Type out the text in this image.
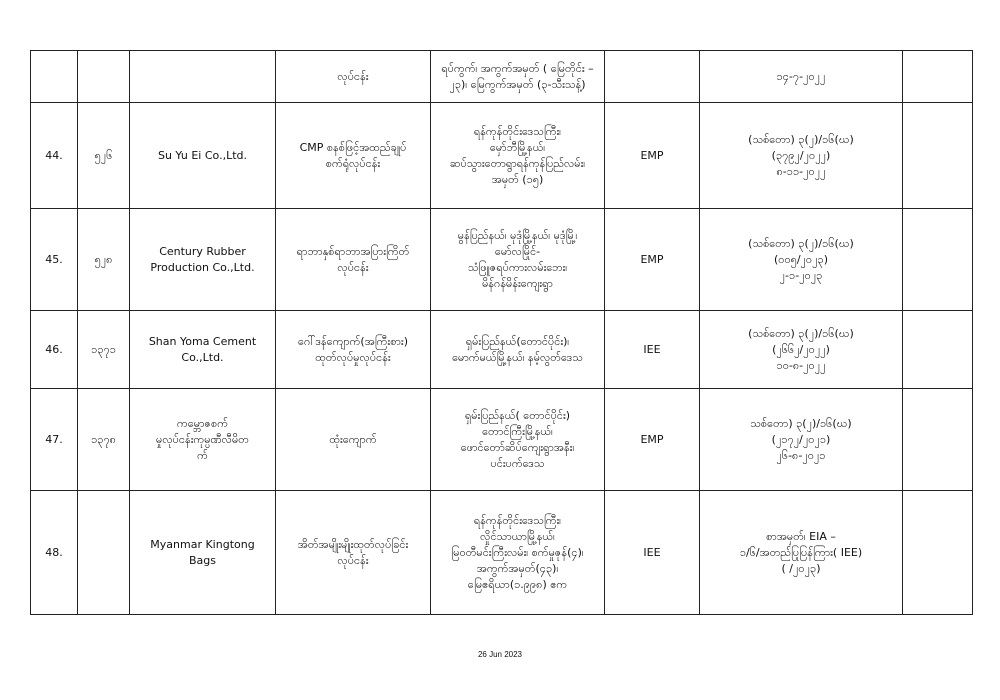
			လုပ်ငန်း	ရပ်ကွက်၊ အကွက်အမှတ် ( မြေတိုင်း –
၂၃)၊ မြေကွက်အမှတ် (၃-သီးသန့်)		၁၄-၇-၂၀၂၂	
44.	၅၂၆	Su Yu Ei Co.,Ltd.	CMP စနစ်ဖြင့်အထည်ချုပ်
စက်ရုံလုပ်ငန်း	ရန်ကုန်တိုင်းဒေသကြီး၊
မှော်ဘီမြို့နယ်၊
ဆပ်သွားတောရွာရန်ကုန်ပြည်လမ်း၊
အမှတ် (၁၅)	EMP	(သစ်တော) ၃(၂)/၁၆(ဃ)
(၃၇၉၂/၂၀၂၂)
၈-၁၁-၂၀၂၂	
45.	၅၂၈	Century Rubber
Production Co.,Ltd.	ရာဘာနှစ်ရာဘာအပြားကြိတ်
လုပ်ငန်း	မွန်ပြည်နယ်၊ မုဒုံမြို့နယ်၊ မုဒုံမြို့၊
မော်လမြိုင်-
သံဖြူဇရပ်ကားလမ်းဘေး၊
မိန်ဂန်မိန်းကျေးရွာ	EMP	(သစ်တော) ၃(၂)/၁၆(ဃ)
(၀၀၅/၂၀၂၃)
၂-၁-၂၀၂၃	
46.	၁၃၇၁	Shan Yoma Cement
Co.,Ltd.	ဂေါ်ဒန်ကျောက်(အကြီးစား)
ထုတ်လုပ်မှုလုပ်ငန်း	ရှမ်းပြည်နယ်(တောင်ပိုင်း)၊
မောက်မယ်မြို့နယ်၊ နမ့်လွတ်ဒေသ	IEE	(သစ်တော) ၃(၂)/၁၆(ဃ)
(၂၆၆၂/၂၀၂၂)
၁၀-၈-၂၀၂၂	
47.	၁၃၇၈	ကမ္ဘောဇစက်
မှုလုပ်ငန်းကုမ္ပဏီလီမိတ
က်	ထုံးကျောက်	ရှမ်းပြည်နယ်( တောင်ပိုင်း)
တောင်ကြီးမြို့နယ်၊
ဖောင်တော်ဆိပ်ကျေးရွာအနီး၊
ပင်းပက်ဒေသ	EMP	သစ်တော) ၃(၂)/၁၆(ဃ)
(၂၁၇၂/၂၀၂၁)
၂၆-၈-၂၀၂၁	
48.		Myanmar Kingtong
Bags	အိတ်အမျိုးမျိုးထုတ်လုပ်ခြင်း
လုပ်ငန်း	ရန်ကုန်တိုင်းဒေသကြီး၊
လှိုင်သာယာမြို့နယ်၊
မြဝတီမင်းကြီးလမ်း၊ စက်မှုဇုန်(၄)၊
အကွက်အမှတ်(၄၃)၊
မြေဧရိယာ(၁.၉၉၈) ဧက	IEE	စာအမှတ်၊ EIA –
၁/၆/အတည်ပြုပြန်ကြား( IEE)
( /၂၀၂၃)	
26 Jun 2023
